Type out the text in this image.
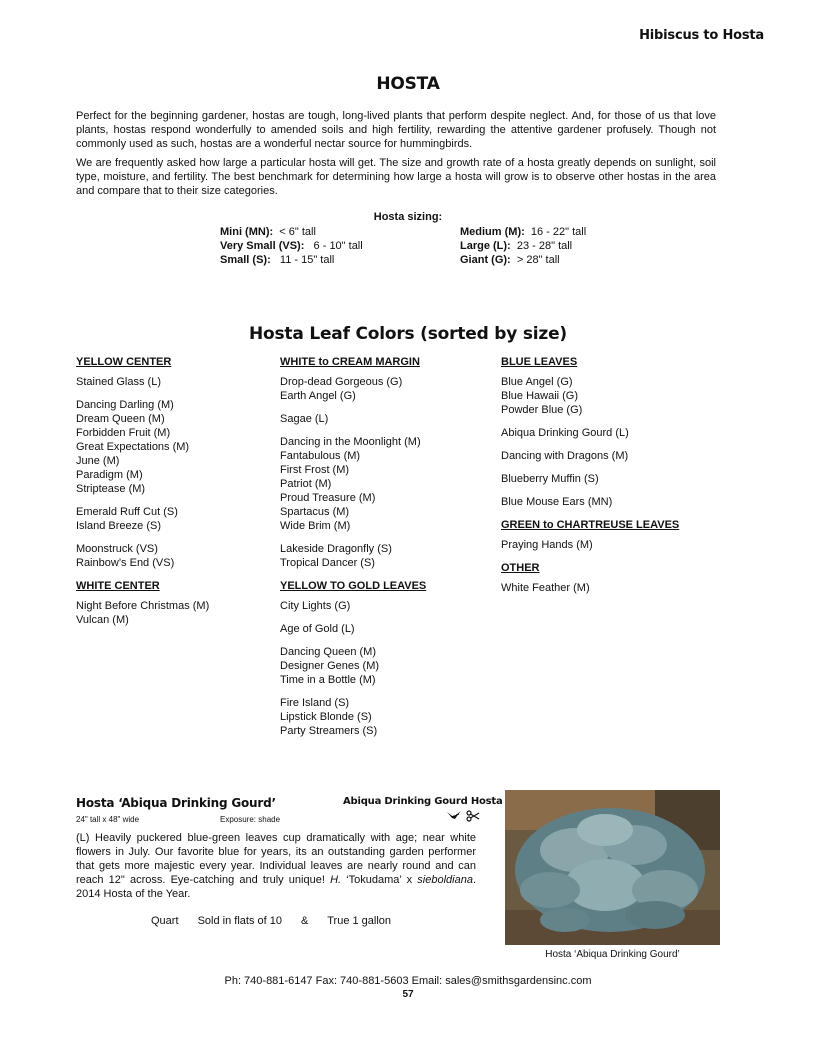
Hibiscus to Hosta
HOSTA

Perfect for the beginning gardener, hostas are tough, long-lived plants that perform despite neglect. And, for those of us that love plants, hostas respond wonderfully to amended soils and high fertility, rewarding the attentive gardener profusely. Though not commonly used as such, hostas are a wonderful nectar source for hummingbirds.

We are frequently asked how large a particular hosta will get. The size and growth rate of a hosta greatly depends on sunlight, soil type, moisture, and fertility. The best benchmark for determining how large a hosta will grow is to observe other hostas in the area and compare that to their size categories.

Hosta sizing:
Mini (MN): < 6" tall
Very Small (VS): 6 - 10" tall
Small (S): 11 - 15" tall
Medium (M): 16 - 22" tall
Large (L): 23 - 28" tall
Giant (G): > 28" tall
Hosta Leaf Colors (sorted by size)
YELLOW CENTER
Stained Glass (L)
Dancing Darling (M)
Dream Queen (M)
Forbidden Fruit (M)
Great Expectations (M)
June (M)
Paradigm (M)
Striptease (M)
Emerald Ruff Cut (S)
Island Breeze (S)
Moonstruck (VS)
Rainbow’s End (VS)
WHITE CENTER
Night Before Christmas (M)
Vulcan (M)
WHITE to CREAM MARGIN
Drop-dead Gorgeous (G)
Earth Angel (G)
Sagae (L)
Dancing in the Moonlight (M)
Fantabulous (M)
First Frost (M)
Patriot (M)
Proud Treasure (M)
Spartacus (M)
Wide Brim (M)
Lakeside Dragonfly (S)
Tropical Dancer (S)
YELLOW TO GOLD LEAVES
City Lights (G)
Age of Gold (L)
Dancing Queen (M)
Designer Genes (M)
Time in a Bottle (M)
Fire Island (S)
Lipstick Blonde (S)
Party Streamers (S)
BLUE LEAVES
Blue Angel (G)
Blue Hawaii (G)
Powder Blue (G)
Abiqua Drinking Gourd (L)
Dancing with Dragons (M)
Blueberry Muffin (S)
Blue Mouse Ears (MN)
GREEN to CHARTREUSE LEAVES
Praying Hands (M)
OTHER
White Feather (M)
Hosta ‘Abiqua Drinking Gourd’	Abiqua Drinking Gourd Hosta

24" tall x 48" wide	Exposure: shade

(L) Heavily puckered blue-green leaves cup dramatically with age; near white flowers in July. Our favorite blue for years, its an outstanding garden performer that gets more majestic every year. Individual leaves are nearly round and can reach 12" across. Eye-catching and truly unique! H. ‘Tokudama’ x sieboldiana. 2014 Hosta of the Year.

Quart Sold in flats of 10 & True 1 gallon
Hosta ‘Abiqua Drinking Gourd’
Ph: 740-881-6147 Fax: 740-881-5603 Email: sales@smithsgardensinc.com
57
